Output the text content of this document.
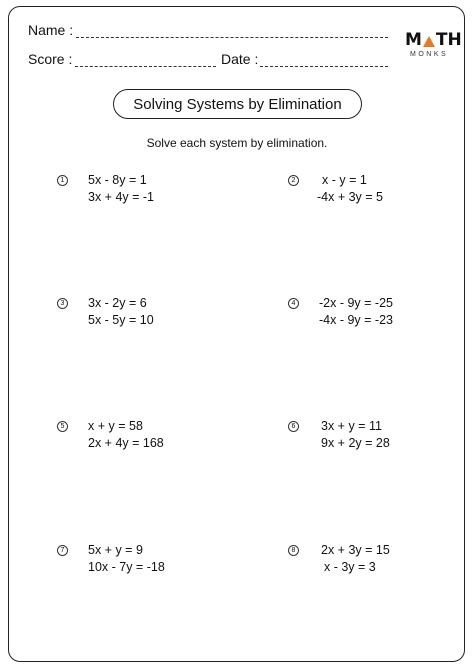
Name :
Score :	Date :
M TH
MONKS
Solving Systems by Elimination
Solve each system by elimination.
1 5x - 8y = 1
3x + 4y = -1
2 x - y = 1
-4x + 3y = 5
3 3x - 2y = 6
5x - 5y = 10
4 -2x - 9y = -25
-4x - 9y = -23
5 x + y = 58
2x + 4y = 168
6 3x + y = 11
9x + 2y = 28
7 5x + y = 9
10x - 7y = -18
8 2x + 3y = 15
x - 3y = 3
